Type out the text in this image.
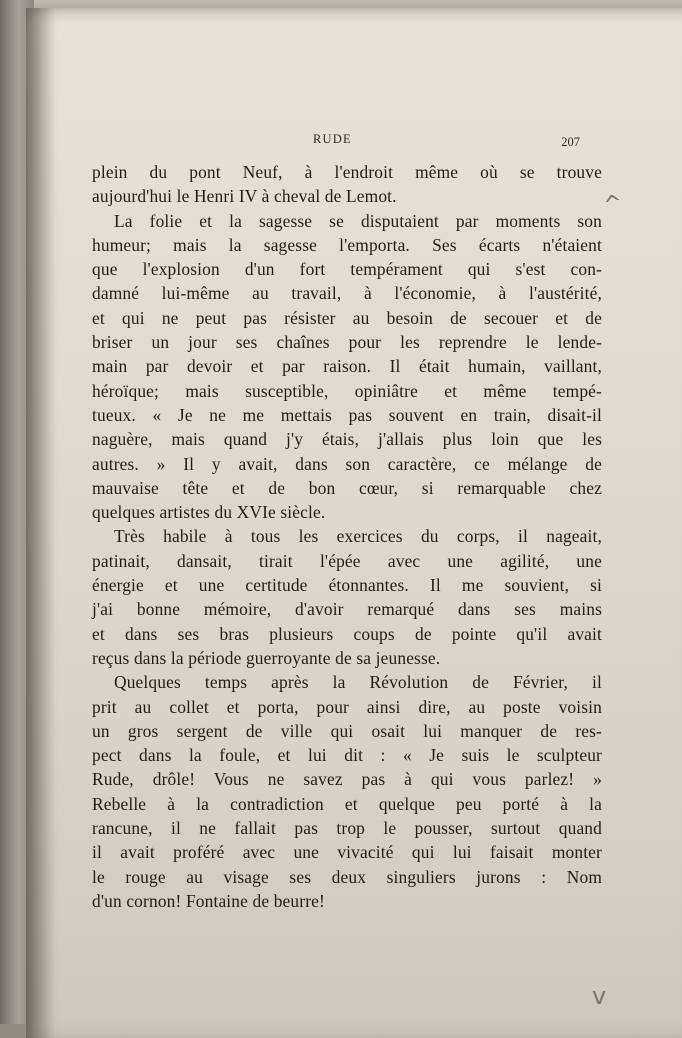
RUDE	207
^
v
plein du pont Neuf, à l'endroit même où se trouve
aujourd'hui le Henri IV à cheval de Lemot.
La folie et la sagesse se disputaient par moments son
humeur; mais la sagesse l'emporta. Ses écarts n'étaient
que l'explosion d'un fort tempérament qui s'est con-
damné lui-même au travail, à l'économie, à l'austérité,
et qui ne peut pas résister au besoin de secouer et de
briser un jour ses chaînes pour les reprendre le lende-
main par devoir et par raison. Il était humain, vaillant,
héroïque; mais susceptible, opiniâtre et même tempé-
tueux. « Je ne me mettais pas souvent en train, disait-il
naguère, mais quand j'y étais, j'allais plus loin que les
autres. » Il y avait, dans son caractère, ce mélange de
mauvaise tête et de bon cœur, si remarquable chez
quelques artistes du XVIe siècle.
Très habile à tous les exercices du corps, il nageait,
patinait, dansait, tirait l'épée avec une agilité, une
énergie et une certitude étonnantes. Il me souvient, si
j'ai bonne mémoire, d'avoir remarqué dans ses mains
et dans ses bras plusieurs coups de pointe qu'il avait
reçus dans la période guerroyante de sa jeunesse.
Quelques temps après la Révolution de Février, il
prit au collet et porta, pour ainsi dire, au poste voisin
un gros sergent de ville qui osait lui manquer de res-
pect dans la foule, et lui dit : « Je suis le sculpteur
Rude, drôle! Vous ne savez pas à qui vous parlez! »
Rebelle à la contradiction et quelque peu porté à la
rancune, il ne fallait pas trop le pousser, surtout quand
il avait proféré avec une vivacité qui lui faisait monter
le rouge au visage ses deux singuliers jurons : Nom
d'un cornon! Fontaine de beurre!
